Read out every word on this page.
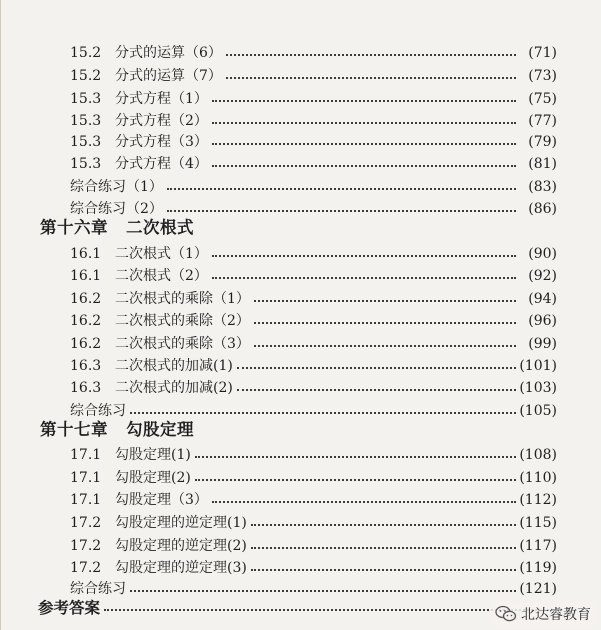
15.2 分式的运算（6）	(71)
15.2 分式的运算（7）	(73)
15.3 分式方程（1）	(75)
15.3 分式方程（2）	(77)
15.3 分式方程（3）	(79)
15.3 分式方程（4）	(81)
综合练习（1）	(83)
综合练习（2）	(86)
第十六章 二次根式
16.1 二次根式（1）	(90)
16.1 二次根式（2）	(92)
16.2 二次根式的乘除（1）	(94)
16.2 二次根式的乘除（2）	(96)
16.2 二次根式的乘除（3）	(99)
16.3 二次根式的加减(1)	(101)
16.3 二次根式的加减(2)	(103)
综合练习	(105)
第十七章 勾股定理
17.1 勾股定理(1)	(108)
17.1 勾股定理(2)	(110)
17.1 勾股定理（3）	(112)
17.2 勾股定理的逆定理(1)	(115)
17.2 勾股定理的逆定理(2)	(117)
17.2 勾股定理的逆定理(3)	(119)
综合练习	(121)
参考答案	北达睿教育
